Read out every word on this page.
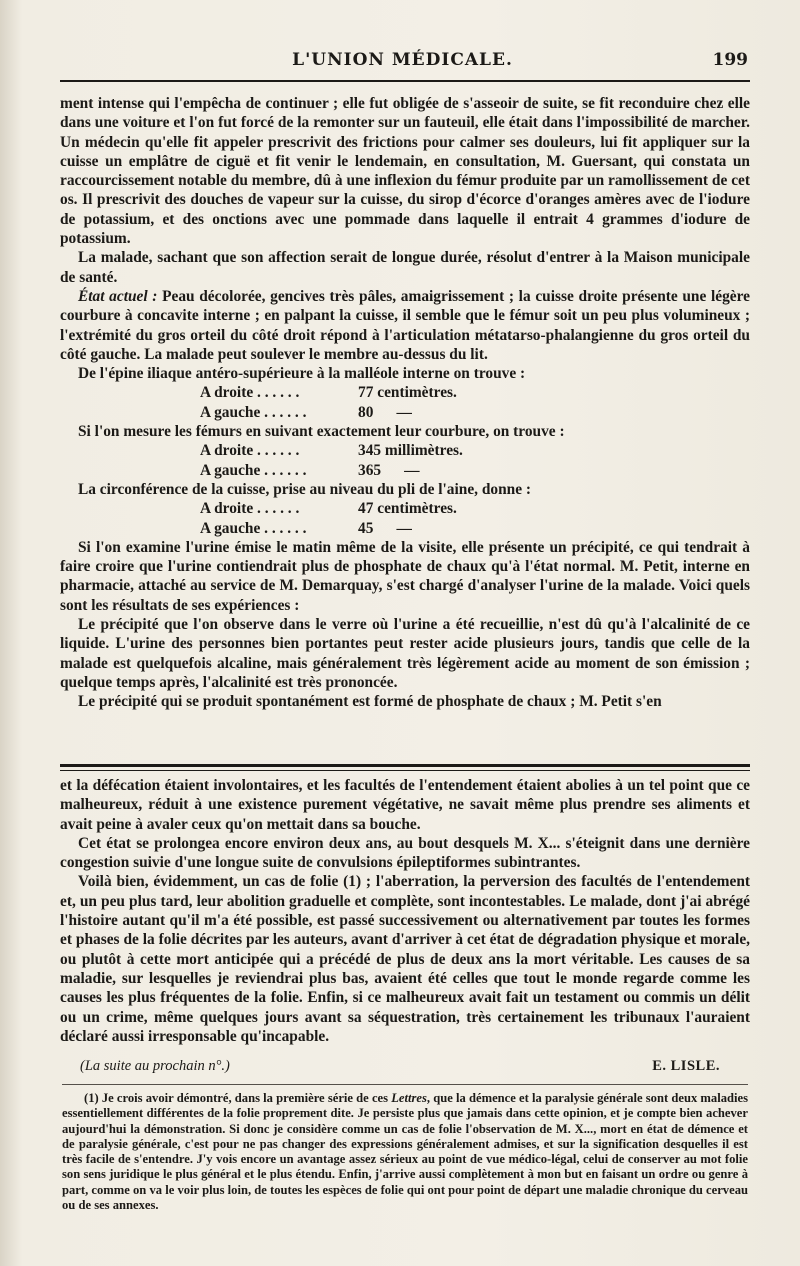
L'UNION MÉDICALE.	199

ment intense qui l'empêcha de continuer ; elle fut obligée de s'asseoir de suite, se fit reconduire chez elle dans une voiture et l'on fut forcé de la remonter sur un fauteuil, elle était dans l'impossibilité de marcher. Un médecin qu'elle fit appeler prescrivit des frictions pour calmer ses douleurs, lui fit appliquer sur la cuisse un emplâtre de ciguë et fit venir le lendemain, en consultation, M. Guersant, qui constata un raccourcissement notable du membre, dû à une inflexion du fémur produite par un ramollissement de cet os. Il prescrivit des douches de vapeur sur la cuisse, du sirop d'écorce d'oranges amères avec de l'iodure de potassium, et des onctions avec une pommade dans laquelle il entrait 4 grammes d'iodure de potassium.

La malade, sachant que son affection serait de longue durée, résolut d'entrer à la Maison municipale de santé.

État actuel : Peau décolorée, gencives très pâles, amaigrissement ; la cuisse droite présente une légère courbure à concavite interne ; en palpant la cuisse, il semble que le fémur soit un peu plus volumineux ; l'extrémité du gros orteil du côté droit répond à l'articulation métatarso-phalangienne du gros orteil du côté gauche. La malade peut soulever le membre au-dessus du lit.

De l'épine iliaque antéro-supérieure à la malléole interne on trouve :

A droite . . . . . .	77 centimètres.
A gauche . . . . . .	80      —

Si l'on mesure les fémurs en suivant exactement leur courbure, on trouve :

A droite . . . . . .	345 millimètres.
A gauche . . . . . .	365      —

La circonférence de la cuisse, prise au niveau du pli de l'aine, donne :

A droite . . . . . .	47 centimètres.
A gauche . . . . . .	45      —

Si l'on examine l'urine émise le matin même de la visite, elle présente un précipité, ce qui tendrait à faire croire que l'urine contiendrait plus de phosphate de chaux qu'à l'état normal. M. Petit, interne en pharmacie, attaché au service de M. Demarquay, s'est chargé d'analyser l'urine de la malade. Voici quels sont les résultats de ses expériences :

Le précipité que l'on observe dans le verre où l'urine a été recueillie, n'est dû qu'à l'alcalinité de ce liquide. L'urine des personnes bien portantes peut rester acide plusieurs jours, tandis que celle de la malade est quelquefois alcaline, mais généralement très légèrement acide au moment de son émission ; quelque temps après, l'alcalinité est très prononcée.

Le précipité qui se produit spontanément est formé de phosphate de chaux ; M. Petit s'en

et la défécation étaient involontaires, et les facultés de l'entendement étaient abolies à un tel point que ce malheureux, réduit à une existence purement végétative, ne savait même plus prendre ses aliments et avait peine à avaler ceux qu'on mettait dans sa bouche.

Cet état se prolongea encore environ deux ans, au bout desquels M. X... s'éteignit dans une dernière congestion suivie d'une longue suite de convulsions épileptiformes subintrantes.

Voilà bien, évidemment, un cas de folie (1) ; l'aberration, la perversion des facultés de l'entendement et, un peu plus tard, leur abolition graduelle et complète, sont incontestables. Le malade, dont j'ai abrégé l'histoire autant qu'il m'a été possible, est passé successivement ou alternativement par toutes les formes et phases de la folie décrites par les auteurs, avant d'arriver à cet état de dégradation physique et morale, ou plutôt à cette mort anticipée qui a précédé de plus de deux ans la mort véritable. Les causes de sa maladie, sur lesquelles je reviendrai plus bas, avaient été celles que tout le monde regarde comme les causes les plus fréquentes de la folie. Enfin, si ce malheureux avait fait un testament ou commis un délit ou un crime, même quelques jours avant sa séquestration, très certainement les tribunaux l'auraient déclaré aussi irresponsable qu'incapable.

(La suite au prochain n°.)	E. LISLE.

(1) Je crois avoir démontré, dans la première série de ces Lettres, que la démence et la paralysie générale sont deux maladies essentiellement différentes de la folie proprement dite. Je persiste plus que jamais dans cette opinion, et je compte bien achever aujourd'hui la démonstration. Si donc je considère comme un cas de folie l'observation de M. X..., mort en état de démence et de paralysie générale, c'est pour ne pas changer des expressions généralement admises, et sur la signification desquelles il est très facile de s'entendre. J'y vois encore un avantage assez sérieux au point de vue médico-légal, celui de conserver au mot folie son sens juridique le plus général et le plus étendu. Enfin, j'arrive aussi complètement à mon but en faisant un ordre ou genre à part, comme on va le voir plus loin, de toutes les espèces de folie qui ont pour point de départ une maladie chronique du cerveau ou de ses annexes.
